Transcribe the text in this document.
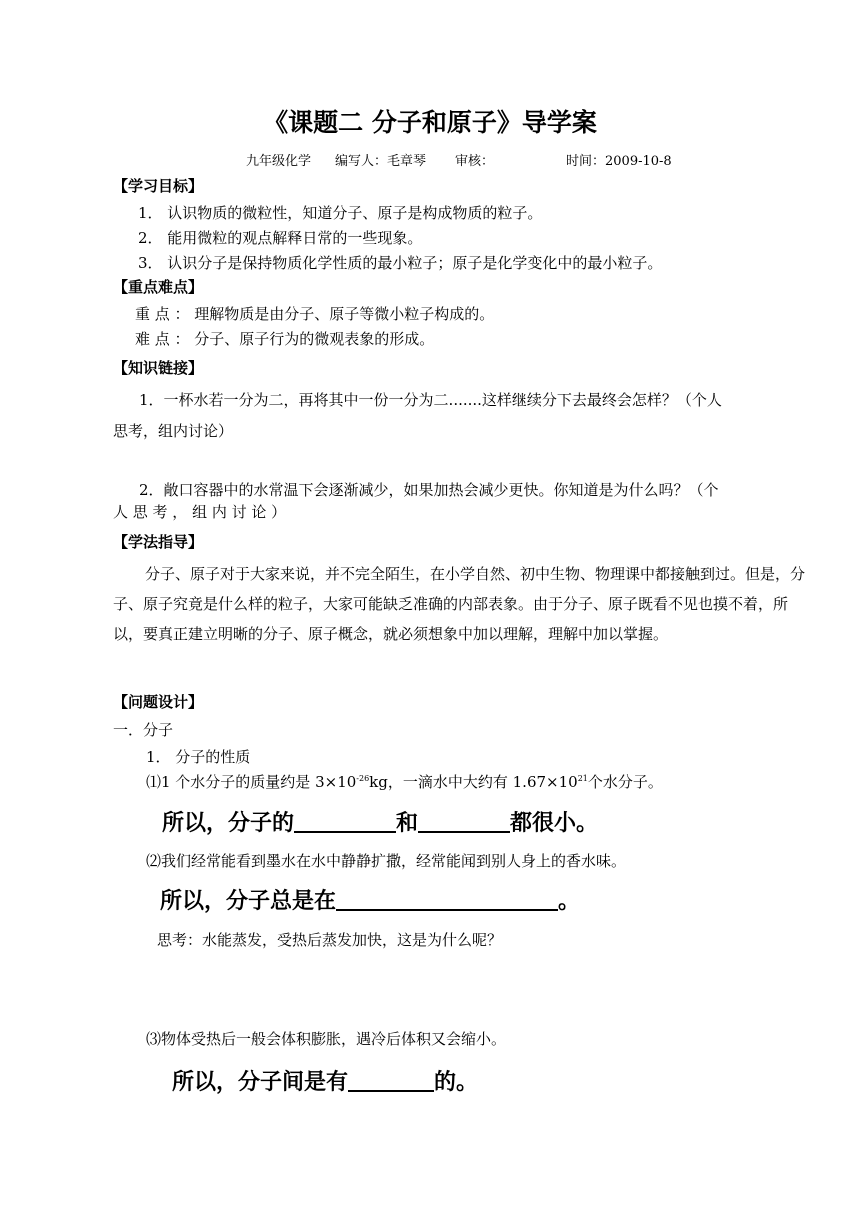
《课题二 分子和原子》导学案
九年级化学 编写人：毛章琴 审核：	时间：2009-10-8
【学习目标】
1． 认识物质的微粒性，知道分子、原子是构成物质的粒子。
2． 能用微粒的观点解释日常的一些现象。
3． 认识分子是保持物质化学性质的最小粒子；原子是化学变化中的最小粒子。
【重点难点】
重 点 ： 理解物质是由分子、原子等微小粒子构成的。
难 点 ： 分子、原子行为的微观表象的形成。
【知识链接】
1．一杯水若一分为二，再将其中一份一分为二.......这样继续分下去最终会怎样？（个人
思考，组内讨论）
2．敞口容器中的水常温下会逐渐减少，如果加热会减少更快。你知道是为什么吗？（个
人 思 考 ， 组 内 讨 论 ）
【学法指导】
分子、原子对于大家来说，并不完全陌生，在小学自然、初中生物、物理课中都接触到过。但是，分子、原子究竟是什么样的粒子，大家可能缺乏准确的内部表象。由于分子、原子既看不见也摸不着，所以，要真正建立明晰的分子、原子概念，就必须想象中加以理解，理解中加以掌握。
【问题设计】
一．分子
1． 分子的性质
⑴1 个水分子的质量约是 $3\times 10^{-26}kg$，一滴水中大约有 $1.67\times 10^{21}$个水分子。
所以，分子的	和	都很小。
⑵我们经常能看到墨水在水中静静扩撒，经常能闻到别人身上的香水味。
所以，分子总是在	。
思考：水能蒸发，受热后蒸发加快，这是为什么呢？
⑶物体受热后一般会体积膨胀，遇冷后体积又会缩小。
所以，分子间是有	的。
